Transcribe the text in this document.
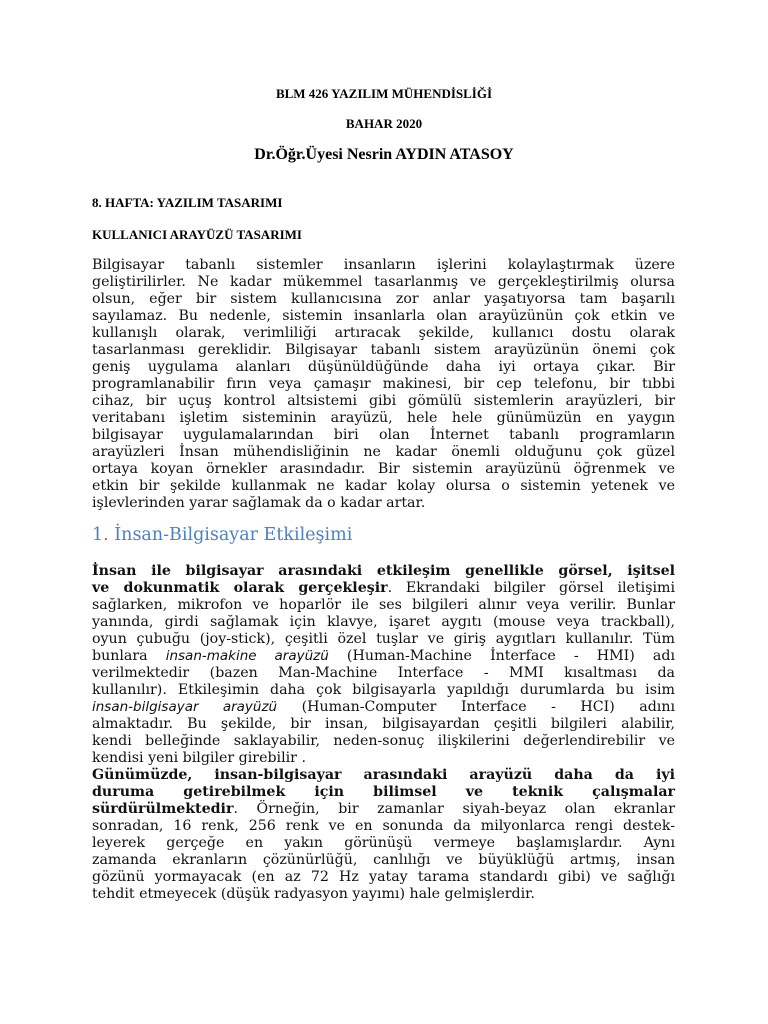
BLM 426 YAZILIM MÜHENDİSLİĞİ
BAHAR 2020
Dr.Öğr.Üyesi Nesrin AYDIN ATASOY
8. HAFTA: YAZILIM TASARIMI
KULLANICI ARAYÜZÜ TASARIMI
Bilgisayar tabanlı sistemler insanların işlerini kolaylaştırmak üzere
geliştirilirler. Ne kadar mükemmel tasarlanmış ve gerçekleştirilmiş olursa
olsun, eğer bir sistem kullanıcısına zor anlar yaşatıyorsa tam başarılı
sayılamaz. Bu nedenle, sistemin insanlarla olan arayüzünün çok etkin ve
kullanışlı olarak, verimliliği artıracak şekilde, kullanıcı dostu olarak
tasarlanması gereklidir. Bilgisayar tabanlı sistem arayüzünün önemi çok
geniş uygulama alanları düşünüldüğünde daha iyi ortaya çıkar. Bir
programlanabilir fırın veya çamaşır makinesi, bir cep telefonu, bir tıbbi
cihaz, bir uçuş kontrol altsistemi gibi gömülü sistemlerin arayüzleri, bir
veritabanı işletim sisteminin arayüzü, hele hele günümüzün en yaygın
bilgisayar uygulamalarından biri olan İnternet tabanlı programların
arayüzleri İnsan mühendisliğinin ne kadar önemli olduğunu çok güzel
ortaya koyan örnekler arasındadır. Bir sistemin arayüzünü öğrenmek ve
etkin bir şekilde kullanmak ne kadar kolay olursa o sistemin yetenek ve
işlevlerinden yarar sağlamak da o kadar artar.
1. İnsan-Bilgisayar Etkileşimi
İnsan ile bilgisayar arasındaki etkileşim genellikle görsel, işitsel
ve dokunmatik olarak gerçekleşir. Ekrandaki bilgiler görsel iletişimi
sağlarken, mikrofon ve hoparlör ile ses bilgileri alınır veya verilir. Bunlar
yanında, girdi sağlamak için klavye, işaret aygıtı (mouse veya trackball),
oyun çubuğu (joy-stick), çeşitli özel tuşlar ve giriş aygıtları kullanılır. Tüm
bunlara insan-makine arayüzü (Human-Machine İnterface - HMI) adı
verilmektedir (bazen Man-Machine Interface - MMI kısaltması da
kullanılır). Etkileşimin daha çok bilgisayarla yapıldığı durumlarda bu isim
insan-bilgisayar arayüzü (Human-Computer Interface - HCI) adını
almaktadır. Bu şekilde, bir insan, bilgisayardan çeşitli bilgileri alabilir,
kendi belleğinde saklayabilir, neden-sonuç ilişkilerini değerlendirebilir ve
kendisi yeni bilgiler girebilir .
Günümüzde, insan-bilgisayar arasındaki arayüzü daha da iyi
duruma getirebilmek için bilimsel ve teknik çalışmalar
sürdürülmektedir. Örneğin, bir zamanlar siyah-beyaz olan ekranlar
sonradan, 16 renk, 256 renk ve en sonunda da milyonlarca rengi destek-
leyerek gerçeğe en yakın görünüşü vermeye başlamışlardır. Aynı
zamanda ekranların çözünürlüğü, canlılığı ve büyüklüğü artmış, insan
gözünü yormayacak (en az 72 Hz yatay tarama standardı gibi) ve sağlığı
tehdit etmeyecek (düşük radyasyon yayımı) hale gelmişlerdir.
